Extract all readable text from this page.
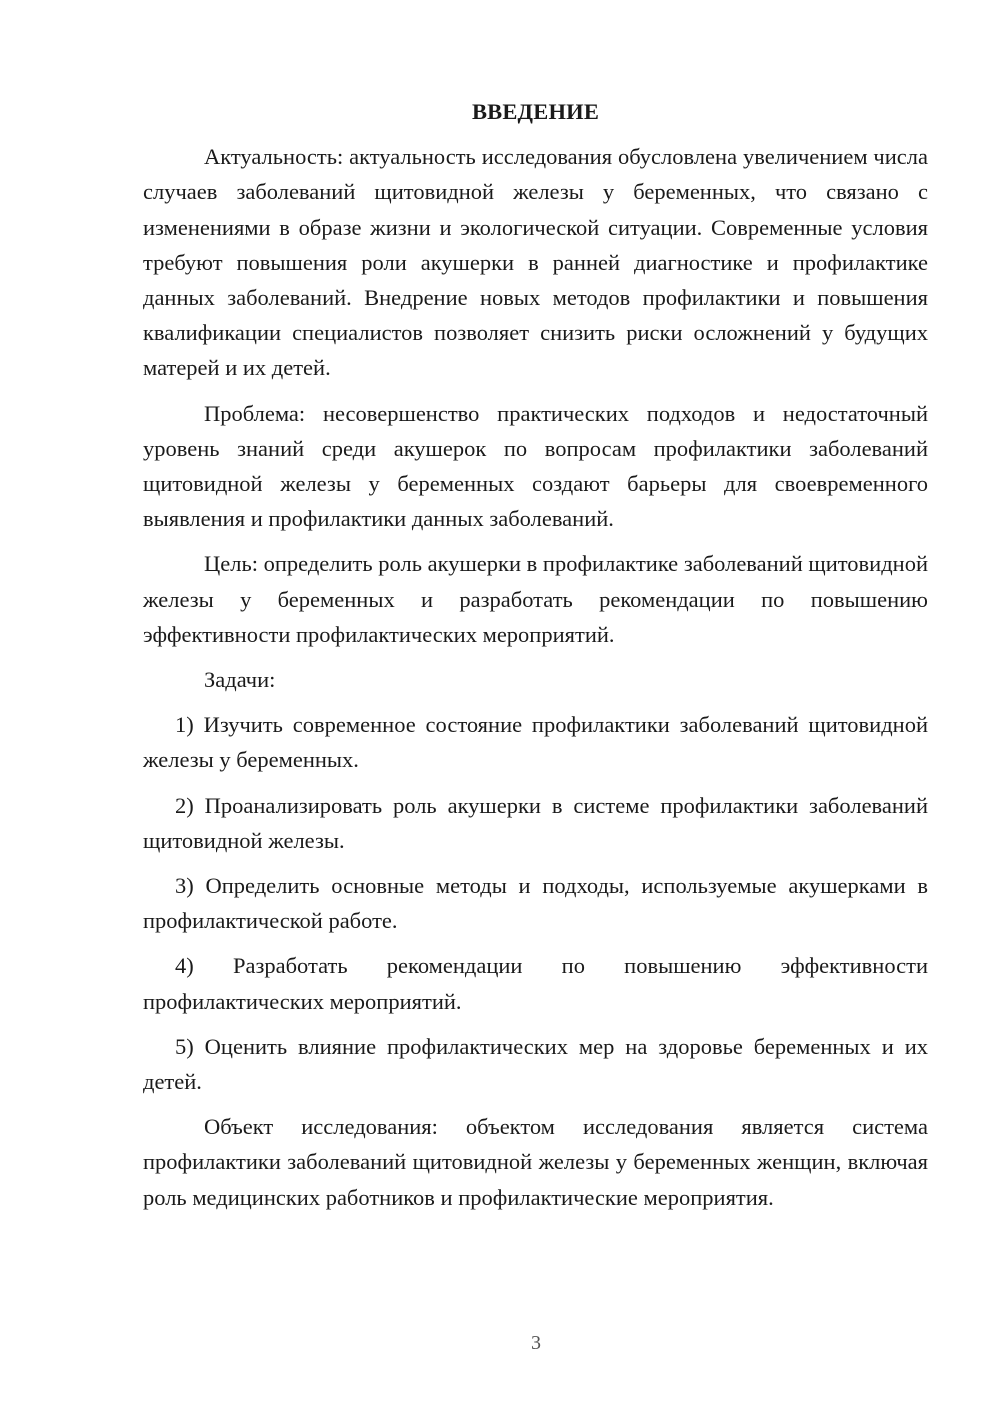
ВВЕДЕНИЕ

Актуальность: актуальность исследования обусловлена увеличением числа случаев заболеваний щитовидной железы у беременных, что связано с изменениями в образе жизни и экологической ситуации. Современные условия требуют повышения роли акушерки в ранней диагностике и профилактике данных заболеваний. Внедрение новых методов профилактики и повышения квалификации специалистов позволяет снизить риски осложнений у будущих матерей и их детей.

Проблема: несовершенство практических подходов и недостаточный уровень знаний среди акушерок по вопросам профилактики заболеваний щитовидной железы у беременных создают барьеры для своевременного выявления и профилактики данных заболеваний.

Цель: определить роль акушерки в профилактике заболеваний щитовидной железы у беременных и разработать рекомендации по повышению эффективности профилактических мероприятий.

Задачи:

1) Изучить современное состояние профилактики заболеваний щитовидной железы у беременных.

2) Проанализировать роль акушерки в системе профилактики заболеваний щитовидной железы.

3) Определить основные методы и подходы, используемые акушерками в профилактической работе.

4) Разработать рекомендации по повышению эффективности профилактических мероприятий.

5) Оценить влияние профилактических мер на здоровье беременных и их детей.

Объект исследования: объектом исследования является система профилактики заболеваний щитовидной железы у беременных женщин, включая роль медицинских работников и профилактические мероприятия.

3
